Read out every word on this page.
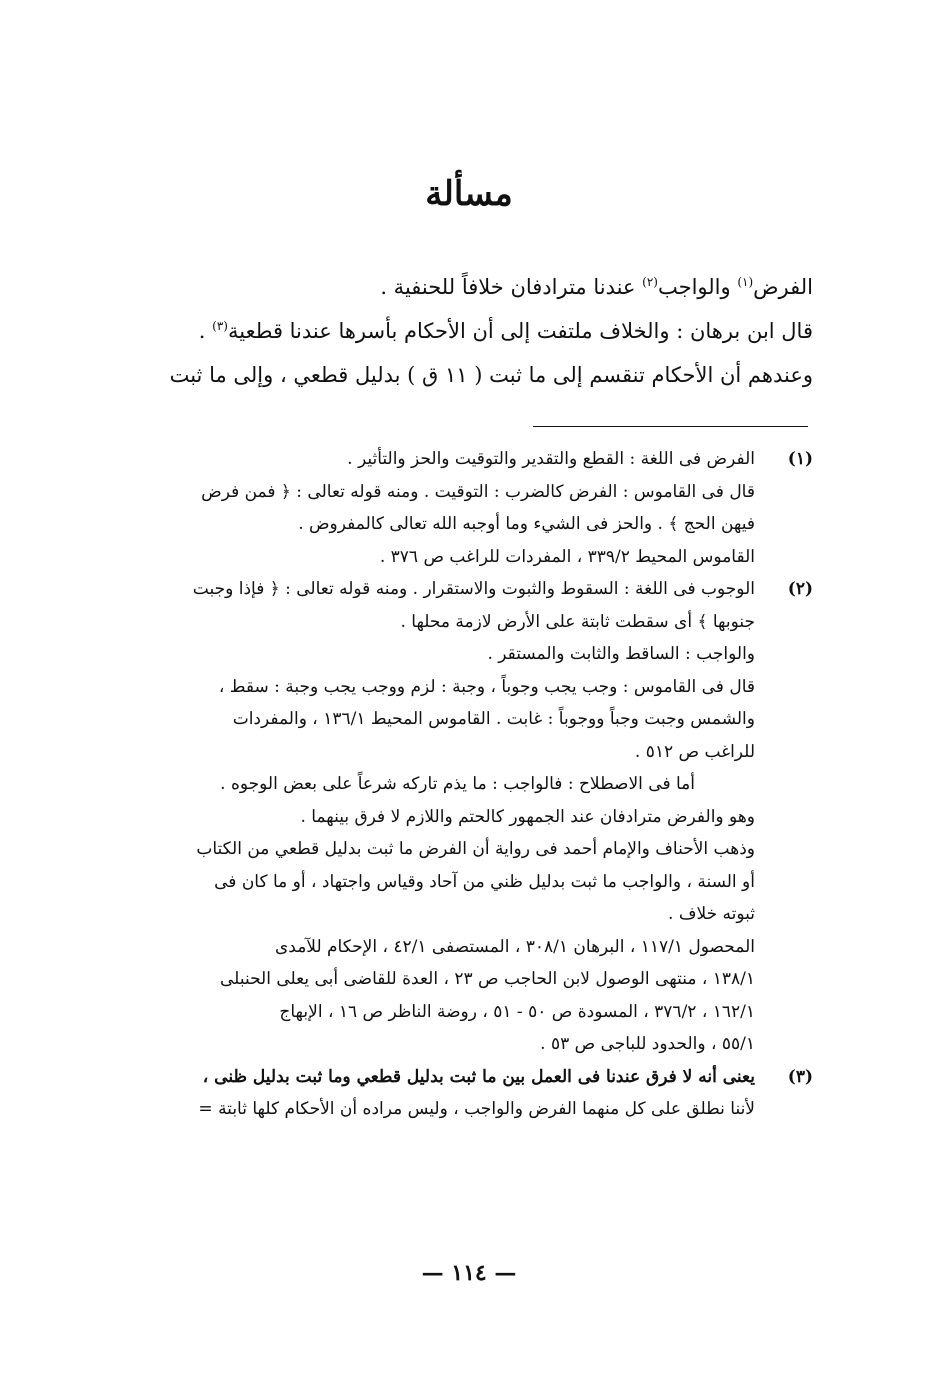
مسألة
الفرض$^{(١)}$ والواجب$^{(٢)}$ عندنا مترادفان خلافاً للحنفية .
قال ابن برهان : والخلاف ملتفت إلى أن الأحكام بأسرها عندنا قطعية$^{(٣)}$ .
وعندهم أن الأحكام تنقسم إلى ما ثبت ( ١١ ق ) بدليل قطعي ، وإلى ما ثبت
(١)
الفرض فى اللغة : القطع والتقدير والتوقيت والحز والتأثير .
قال فى القاموس : الفرض كالضرب : التوقيت . ومنه قوله تعالى : ﴿ فمن فرض
فيهن الحج ﴾ . والحز فى الشيء وما أوجبه الله تعالى كالمفروض .
القاموس المحيط ٣٣٩/٢ ، المفردات للراغب ص ٣٧٦ .
(٢)
الوجوب فى اللغة : السقوط والثبوت والاستقرار . ومنه قوله تعالى : ﴿ فإذا وجبت
جنوبها ﴾ أى سقطت ثابتة على الأرض لازمة محلها .
والواجب : الساقط والثابت والمستقر .
قال فى القاموس : وجب يجب وجوباً ، وجبة : لزم ووجب يجب وجبة : سقط ،
والشمس وجبت وجباً ووجوباً : غابت . القاموس المحيط ١٣٦/١ ، والمفردات
للراغب ص ٥١٢ .
أما فى الاصطلاح : فالواجب : ما يذم تاركه شرعاً على بعض الوجوه .
وهو والفرض مترادفان عند الجمهور كالحتم واللازم لا فرق بينهما .
وذهب الأحناف والإمام أحمد فى رواية أن الفرض ما ثبت بدليل قطعي من الكتاب
أو السنة ، والواجب ما ثبت بدليل ظني من آحاد وقياس واجتهاد ، أو ما كان فى
ثبوته خلاف .
المحصول ١١٧/١ ، البرهان ٣٠٨/١ ، المستصفى ٤٢/١ ، الإحكام للآمدى
١٣٨/١ ، منتهى الوصول لابن الحاجب ص ٢٣ ، العدة للقاضى أبى يعلى الحنبلى
١٦٢/١ ، ٣٧٦/٢ ، المسودة ص ٥٠ - ٥١ ، روضة الناظر ص ١٦ ، الإبهاج
٥٥/١ ، والحدود للباجى ص ٥٣ .
(٣)
يعنى أنه لا فرق عندنا فى العمل بين ما ثبت بدليل قطعي وما ثبت بدليل ظنى ،
لأننا نطلق على كل منهما الفرض والواجب ، وليس مراده أن الأحكام كلها ثابتة =
— ١١٤ —
